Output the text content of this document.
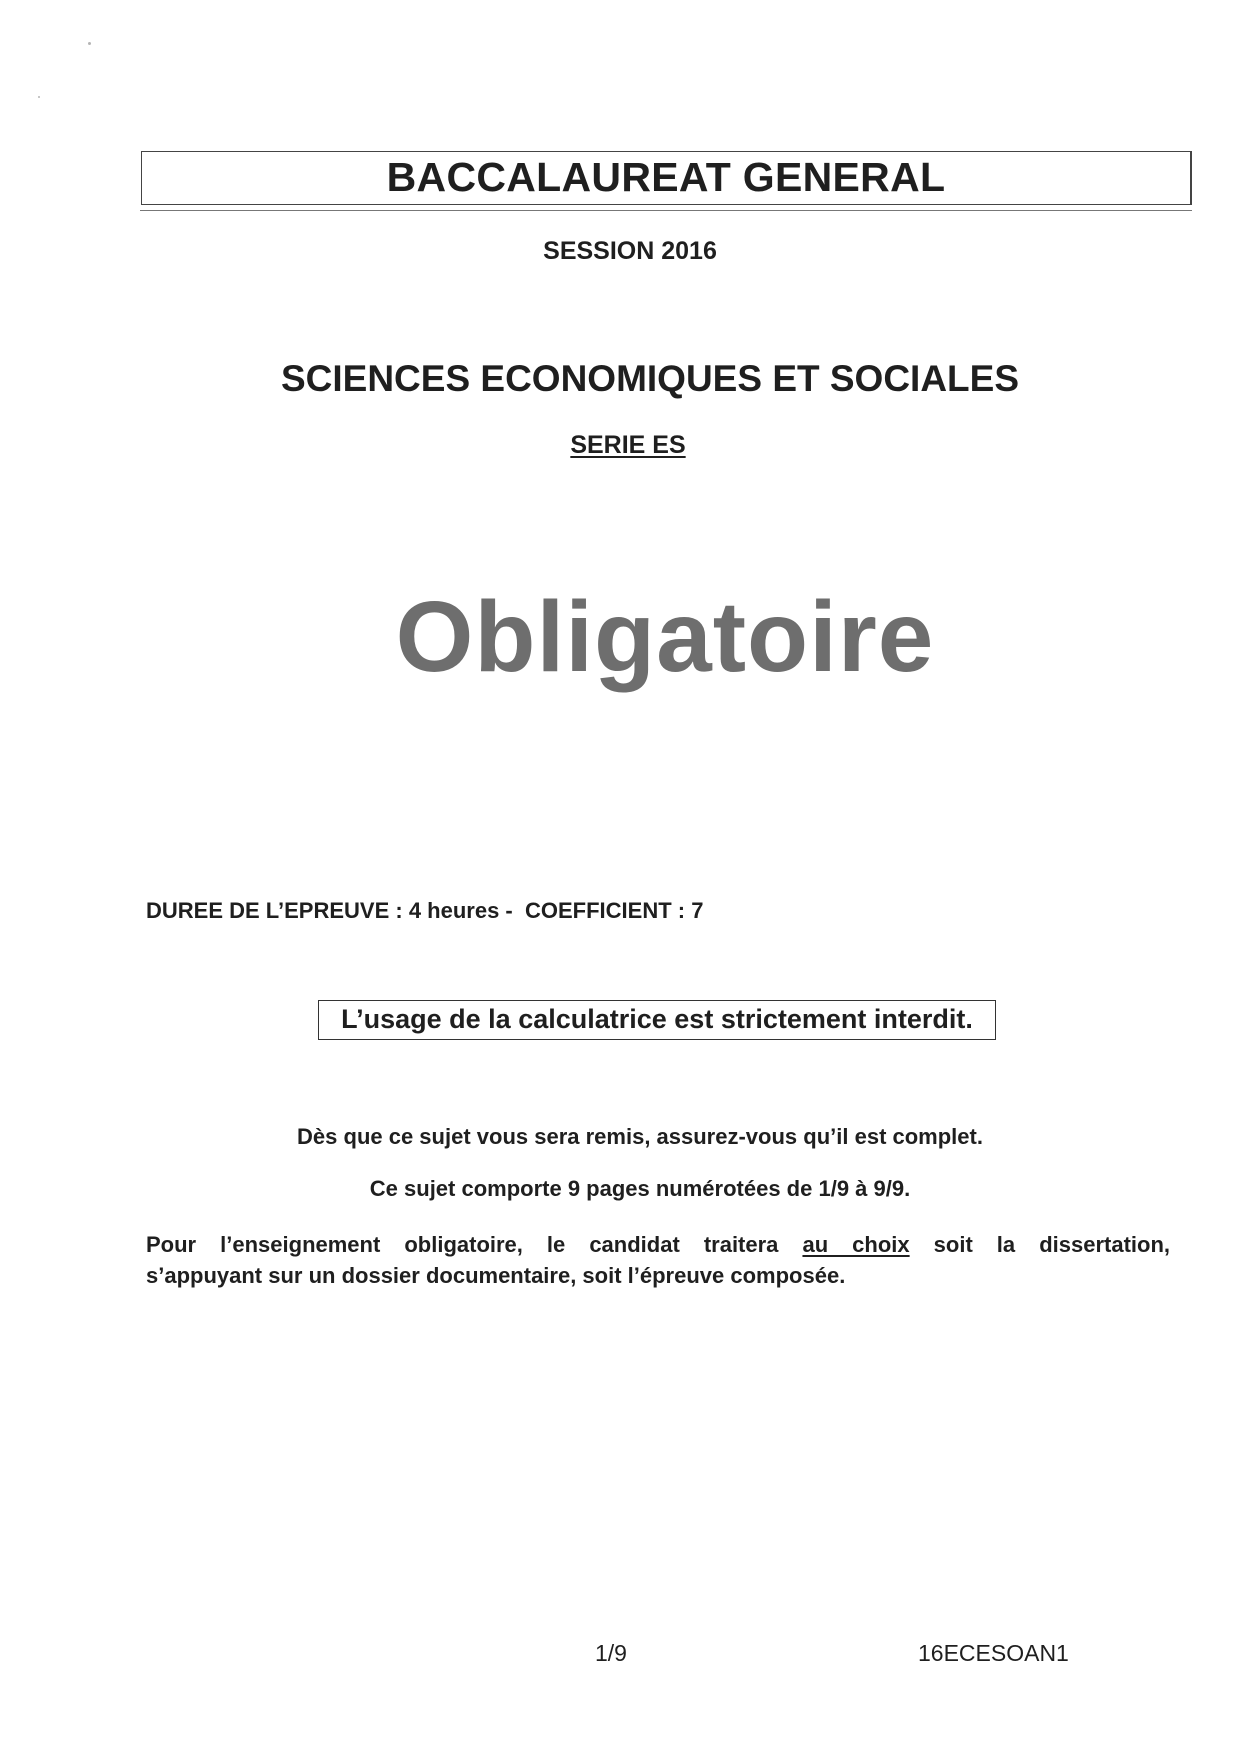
BACCALAUREAT GENERAL
SESSION 2016
SCIENCES ECONOMIQUES ET SOCIALES
SERIE ES
Obligatoire
DUREE DE L’EPREUVE : 4 heures -  COEFFICIENT : 7
L’usage de la calculatrice est strictement interdit.
Dès que ce sujet vous sera remis, assurez-vous qu’il est complet.
Ce sujet comporte 9 pages numérotées de 1/9 à 9/9.
Pour l’enseignement obligatoire, le candidat traitera au choix soit la dissertation,
s’appuyant sur un dossier documentaire, soit l’épreuve composée.
1/9	16ECESOAN1
